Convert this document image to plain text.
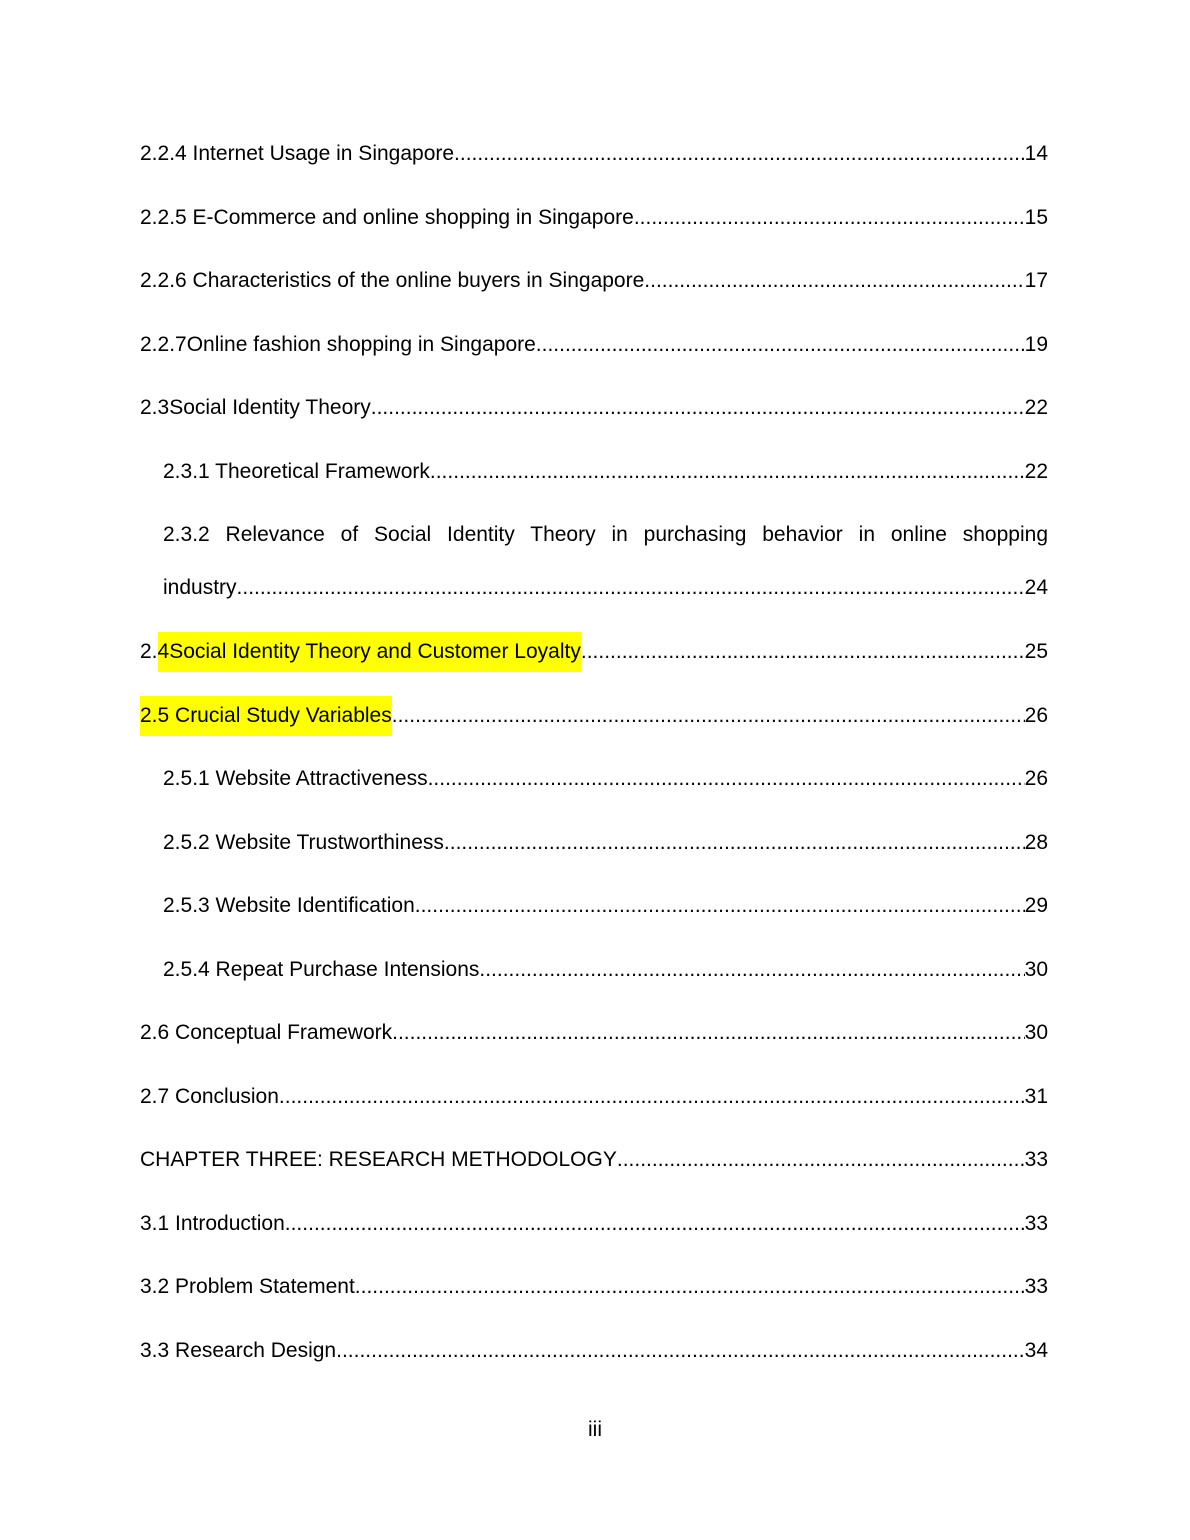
2.2.4 Internet Usage in Singapore .....	14
2.2.5 E-Commerce and online shopping in Singapore .....	15
2.2.6 Characteristics of the online buyers in Singapore .....	17
2.2.7Online fashion shopping in Singapore .....	19
2.3Social Identity Theory .....	22
2.3.1 Theoretical Framework .....	22
2.3.2 Relevance of Social Identity Theory in purchasing behavior in online shopping
industry .....	24
2. 4Social Identity Theory and Customer Loyalty .....	25
2.5 Crucial Study Variables .....	26
2.5.1 Website Attractiveness .....	26
2.5.2 Website Trustworthiness .....	28
2.5.3 Website Identification .....	29
2.5.4 Repeat Purchase Intensions .....	30
2.6 Conceptual Framework .....	30
2.7 Conclusion .....	31
CHAPTER THREE: RESEARCH METHODOLOGY .....	33
3.1 Introduction .....	33
3.2 Problem Statement .....	33
3.3 Research Design .....	34
iii
